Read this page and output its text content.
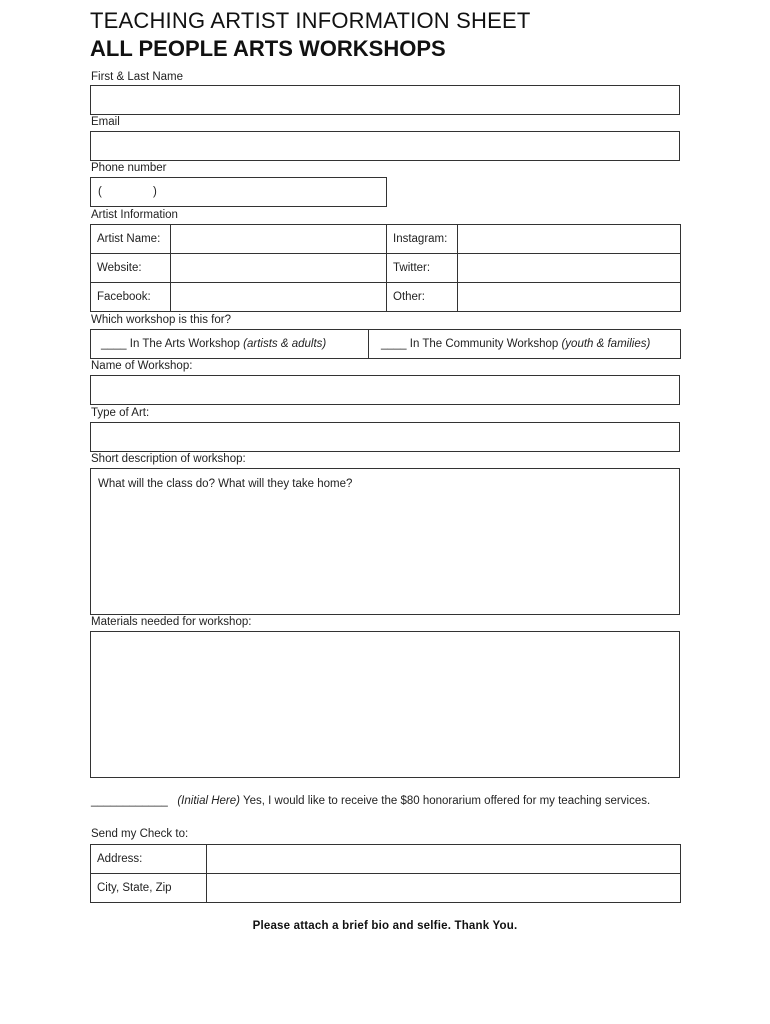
TEACHING ARTIST INFORMATION SHEET
ALL PEOPLE ARTS WORKSHOPS
First & Last Name
Email
Phone number
(                )
Artist Information
Artist Name:		Instagram:	
Website:		Twitter:	
Facebook:		Other:	
Which workshop is this for?
____ In The Arts Workshop (artists & adults)	____ In The Community Workshop (youth & families)
Name of Workshop:
Type of Art:
Short description of workshop:
What will the class do? What will they take home?
Materials needed for workshop:
____________ (Initial Here) Yes, I would like to receive the $80 honorarium offered for my teaching services.
Send my Check to:
Address:	
City, State, Zip	
Please attach a brief bio and selfie. Thank You.
